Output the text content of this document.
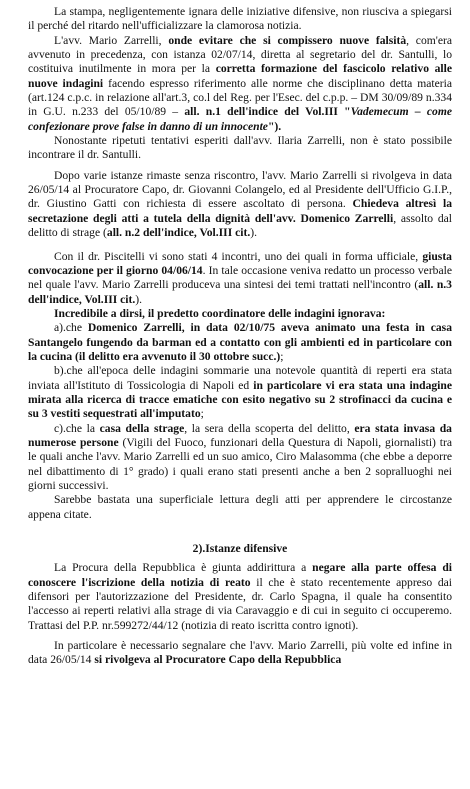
La stampa, negligentemente ignara delle iniziative difensive, non riusciva a spiegarsi il perché del ritardo nell'ufficializzare la clamorosa notizia.

L'avv. Mario Zarrelli, onde evitare che si compissero nuove falsità, com'era avvenuto in precedenza, con istanza 02/07/14, diretta al segretario del dr. Santulli, lo costituiva inutilmente in mora per la corretta formazione del fascicolo relativo alle nuove indagini facendo espresso riferimento alle norme che disciplinano detta materia (art.124 c.p.c. in relazione all'art.3, co.l del Reg. per l'Esec. del c.p.p. – DM 30/09/89 n.334 in G.U. n.233 del 05/10/89 – all. n.1 dell'indice del Vol.III "Vademecum – come confezionare prove false in danno di un innocente").

Nonostante ripetuti tentativi esperiti dall'avv. Ilaria Zarrelli, non è stato possibile incontrare il dr. Santulli.

Dopo varie istanze rimaste senza riscontro, l'avv. Mario Zarrelli si rivolgeva in data 26/05/14 al Procuratore Capo, dr. Giovanni Colangelo, ed al Presidente dell'Ufficio G.I.P., dr. Giustino Gatti con richiesta di essere ascoltato di persona. Chiedeva altresì la secretazione degli atti a tutela della dignità dell'avv. Domenico Zarrelli, assolto dal delitto di strage (all. n.2 dell'indice, Vol.III cit.).

Con il dr. Piscitelli vi sono stati 4 incontri, uno dei quali in forma ufficiale, giusta convocazione per il giorno 04/06/14. In tale occasione veniva redatto un processo verbale nel quale l'avv. Mario Zarrelli produceva una sintesi dei temi trattati nell'incontro (all. n.3 dell'indice, Vol.III cit.).

Incredibile a dirsi, il predetto coordinatore delle indagini ignorava:

a).che Domenico Zarrelli, in data 02/10/75 aveva animato una festa in casa Santangelo fungendo da barman ed a contatto con gli ambienti ed in particolare con la cucina (il delitto era avvenuto il 30 ottobre succ.);

b).che all'epoca delle indagini sommarie una notevole quantità di reperti era stata inviata all'Istituto di Tossicologia di Napoli ed in particolare vi era stata una indagine mirata alla ricerca di tracce ematiche con esito negativo su 2 strofinacci da cucina e su 3 vestiti sequestrati all'imputato;

c).che la casa della strage, la sera della scoperta del delitto, era stata invasa da numerose persone (Vigili del Fuoco, funzionari della Questura di Napoli, giornalisti) tra le quali anche l'avv. Mario Zarrelli ed un suo amico, Ciro Malasomma (che ebbe a deporre nel dibattimento di 1° grado) i quali erano stati presenti anche a ben 2 sopralluoghi nei giorni successivi.

Sarebbe bastata una superficiale lettura degli atti per apprendere le circostanze appena citate.

2).Istanze difensive

La Procura della Repubblica è giunta addirittura a negare alla parte offesa di conoscere l'iscrizione della notizia di reato il che è stato recentemente appreso dai difensori per l'autorizzazione del Presidente, dr. Carlo Spagna, il quale ha consentito l'accesso ai reperti relativi alla strage di via Caravaggio e di cui in seguito ci occuperemo. Trattasi del P.P. nr.599272/44/12 (notizia di reato iscritta contro ignoti).

In particolare è necessario segnalare che l'avv. Mario Zarrelli, più volte ed infine in data 26/05/14 si rivolgeva al Procuratore Capo della Repubblica
